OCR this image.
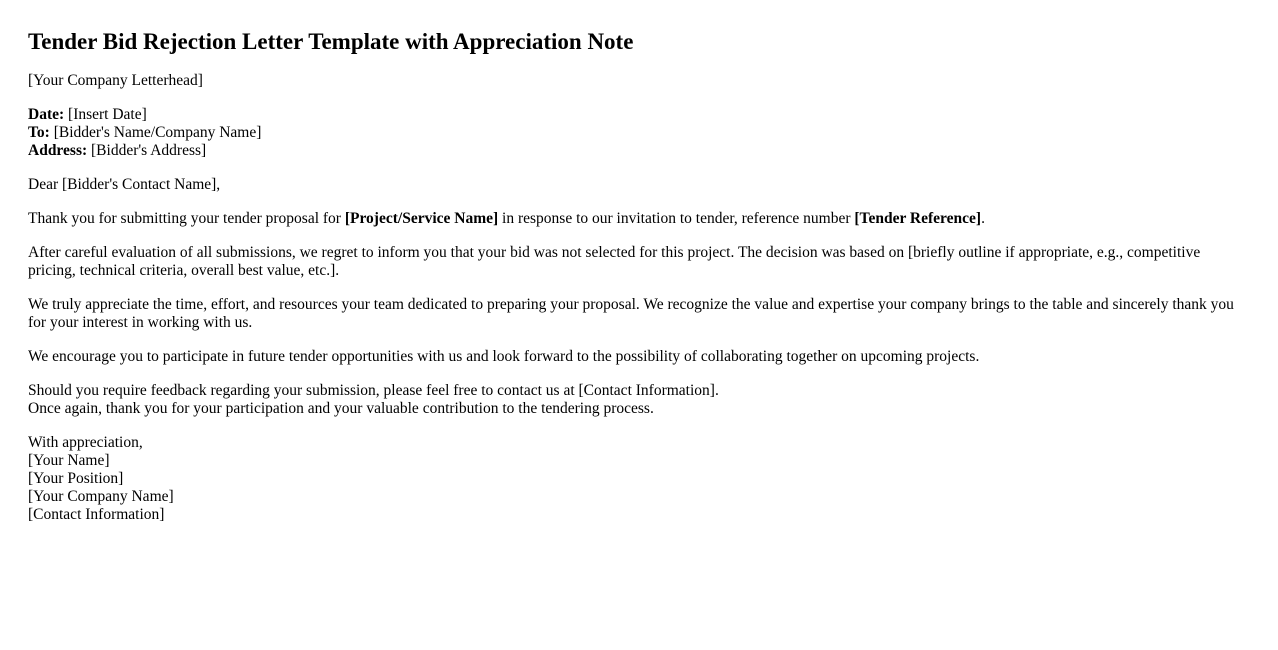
Tender Bid Rejection Letter Template with Appreciation Note

[Your Company Letterhead]

Date: [Insert Date]
To: [Bidder's Name/Company Name]
Address: [Bidder's Address]

Dear [Bidder's Contact Name],

Thank you for submitting your tender proposal for [Project/Service Name] in response to our invitation to tender, reference number [Tender Reference].

After careful evaluation of all submissions, we regret to inform you that your bid was not selected for this project. The decision was based on [briefly outline if appropriate, e.g., competitive pricing, technical criteria, overall best value, etc.].

We truly appreciate the time, effort, and resources your team dedicated to preparing your proposal. We recognize the value and expertise your company brings to the table and sincerely thank you for your interest in working with us.

We encourage you to participate in future tender opportunities with us and look forward to the possibility of collaborating together on upcoming projects.

Should you require feedback regarding your submission, please feel free to contact us at [Contact Information].
Once again, thank you for your participation and your valuable contribution to the tendering process.

With appreciation,
[Your Name]
[Your Position]
[Your Company Name]
[Contact Information]
